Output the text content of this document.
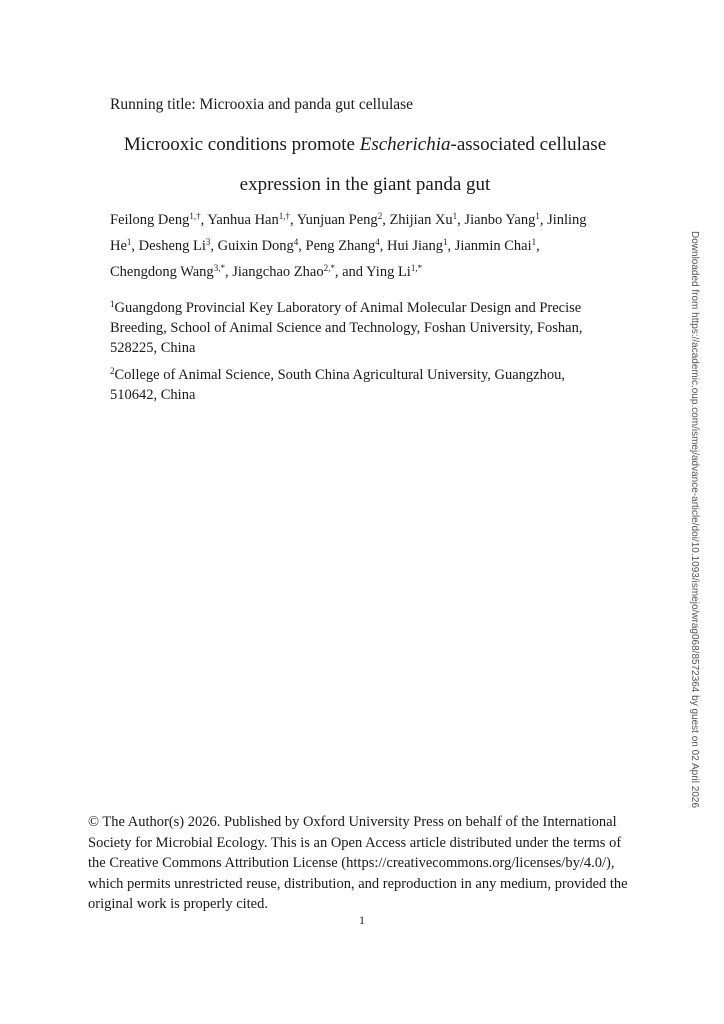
Running title: Microoxia and panda gut cellulase
Microoxic conditions promote Escherichia-associated cellulase
expression in the giant panda gut
Feilong Deng$^{1,\dagger}$, Yanhua Han$^{1,\dagger}$, Yunjuan Peng$^2$, Zhijian Xu$^1$, Jianbo Yang$^1$, Jinling
He$^1$, Desheng Li$^3$, Guixin Dong$^4$, Peng Zhang$^4$, Hui Jiang$^1$, Jianmin Chai$^1$,
Chengdong Wang$^{3,*}$, Jiangchao Zhao$^{2,*}$, and Ying $Li^{1,*}$
$^1$Guangdong Provincial Key Laboratory of Animal Molecular Design and Precise
Breeding, School of Animal Science and Technology, Foshan University, Foshan,
528225, China
$^2$College of Animal Science, South China Agricultural University, Guangzhou,
510642, China
© The Author(s) 2026. Published by Oxford University Press on behalf of the International
Society for Microbial Ecology. This is an Open Access article distributed under the terms of
the Creative Commons Attribution License (https://creativecommons.org/licenses/by/4.0/),
which permits unrestricted reuse, distribution, and reproduction in any medium, provided the
original work is properly cited.
1
Downloaded from https://academic.oup.com/ismej/advance-article/doi/10.1093/ismejo/wrag068/8572364 by guest on 02 April 2026
